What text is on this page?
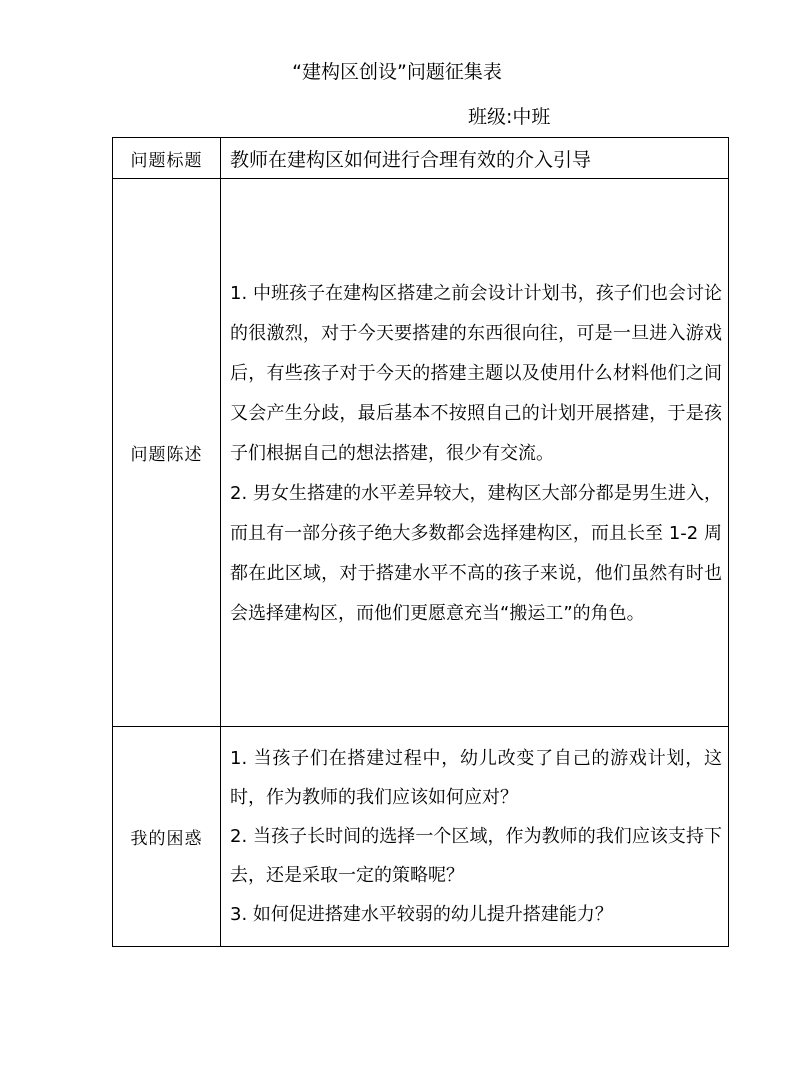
“建构区创设”问题征集表
班级:中班
问题标题	教师在建构区如何进行合理有效的介入引导
问题陈述	1. 中班孩子在建构区搭建之前会设计计划书，孩子们也会讨论的很激烈，对于今天要搭建的东西很向往，可是一旦进入游戏后，有些孩子对于今天的搭建主题以及使用什么材料他们之间又会产生分歧，最后基本不按照自己的计划开展搭建，于是孩子们根据自己的想法搭建，很少有交流。

2. 男女生搭建的水平差异较大，建构区大部分都是男生进入，而且有一部分孩子绝大多数都会选择建构区，而且长至 1-2 周都在此区域，对于搭建水平不高的孩子来说，他们虽然有时也会选择建构区，而他们更愿意充当“搬运工”的角色。

我的困惑	1. 当孩子们在搭建过程中，幼儿改变了自己的游戏计划，这时，作为教师的我们应该如何应对？

2. 当孩子长时间的选择一个区域，作为教师的我们应该支持下去，还是采取一定的策略呢？

3. 如何促进搭建水平较弱的幼儿提升搭建能力？
